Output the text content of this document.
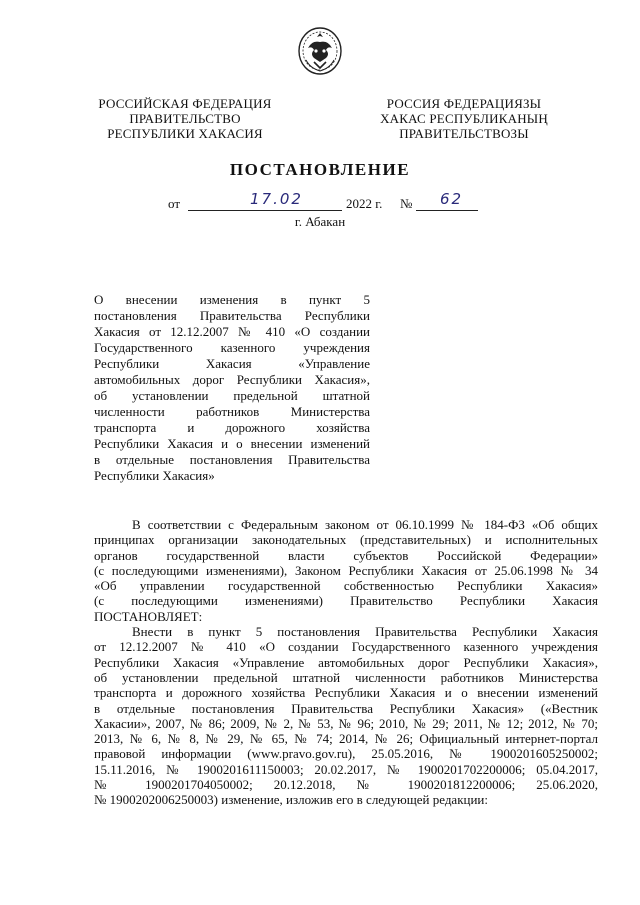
РОССИЙСКАЯ ФЕДЕРАЦИЯ
ПРАВИТЕЛЬСТВО
РЕСПУБЛИКИ ХАКАСИЯ
РОССИЯ ФЕДЕРАЦИЯЗЫ
ХАКАС РЕСПУБЛИКАНЫҢ
ПРАВИТЕЛЬСТВОЗЫ
ПОСТАНОВЛЕНИЕ
от	17.02	2022 г. № 62
г. Абакан

О внесении изменения в пункт 5

постановления Правительства Республики

Хакасия от 12.12.2007 № 410 «О создании

Государственного казенного учреждения

Республики Хакасия «Управление

автомобильных дорог Республики Хакасия»,

об установлении предельной штатной

численности работников Министерства

транспорта и дорожного хозяйства

Республики Хакасия и о внесении изменений

в отдельные постановления Правительства

Республики Хакасия»

В соответствии с Федеральным законом от 06.10.1999 № 184-ФЗ «Об общих

принципах организации законодательных (представительных) и исполнительных

органов государственной власти субъектов Российской Федерации»

(с последующими изменениями), Законом Республики Хакасия от 25.06.1998 № 34

«Об управлении государственной собственностью Республики Хакасия»

(с последующими изменениями) Правительство Республики Хакасия

ПОСТАНОВЛЯЕТ:

Внести в пункт 5 постановления Правительства Республики Хакасия

от 12.12.2007 № 410 «О создании Государственного казенного учреждения

Республики Хакасия «Управление автомобильных дорог Республики Хакасия»,

об установлении предельной штатной численности работников Министерства

транспорта и дорожного хозяйства Республики Хакасия и о внесении изменений

в отдельные постановления Правительства Республики Хакасия» («Вестник

Хакасии», 2007, № 86; 2009, № 2, № 53, № 96; 2010, № 29; 2011, № 12; 2012, № 70;

2013, № 6, № 8, № 29, № 65, № 74; 2014, № 26; Официальный интернет-портал

правовой информации (www.pravo.gov.ru), 25.05.2016, № 1900201605250002;

15.11.2016, № 1900201611150003; 20.02.2017, № 1900201702200006; 05.04.2017,

№ 1900201704050002; 20.12.2018, № 1900201812200006; 25.06.2020,

№ 1900202006250003) изменение, изложив его в следующей редакции:
